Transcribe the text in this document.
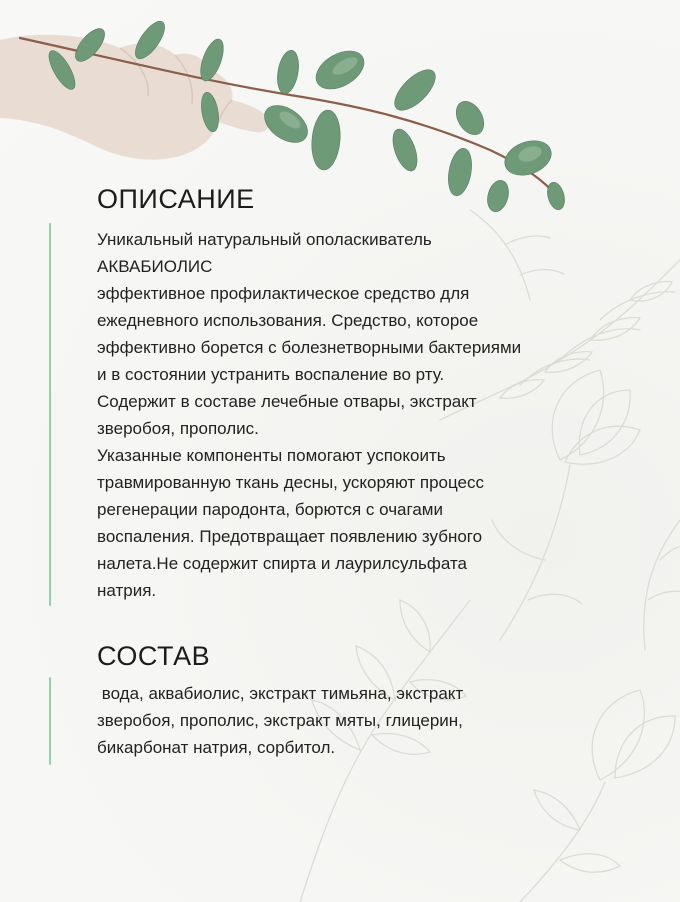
ОПИСАНИЕ
Уникальный натуральный ополаскиватель
АКВАБИОЛИС
эффективное профилактическое средство для
ежедневного использования. Средство, которое
эффективно борется с болезнетворными бактериями
и в состоянии устранить воспаление во рту.
Содержит в составе лечебные отвары, экстракт
зверобоя, прополис.
Указанные компоненты помогают успокоить
травмированную ткань десны, ускоряют процесс
регенерации пародонта, борются с очагами
воспаления. Предотвращает появлению зубного
налета.Не содержит спирта и лаурилсульфата
натрия.
СОСТАВ
вода, аквабиолис, экстракт тимьяна, экстракт
зверобоя, прополис, экстракт мяты, глицерин,
бикарбонат натрия, сорбитол.
